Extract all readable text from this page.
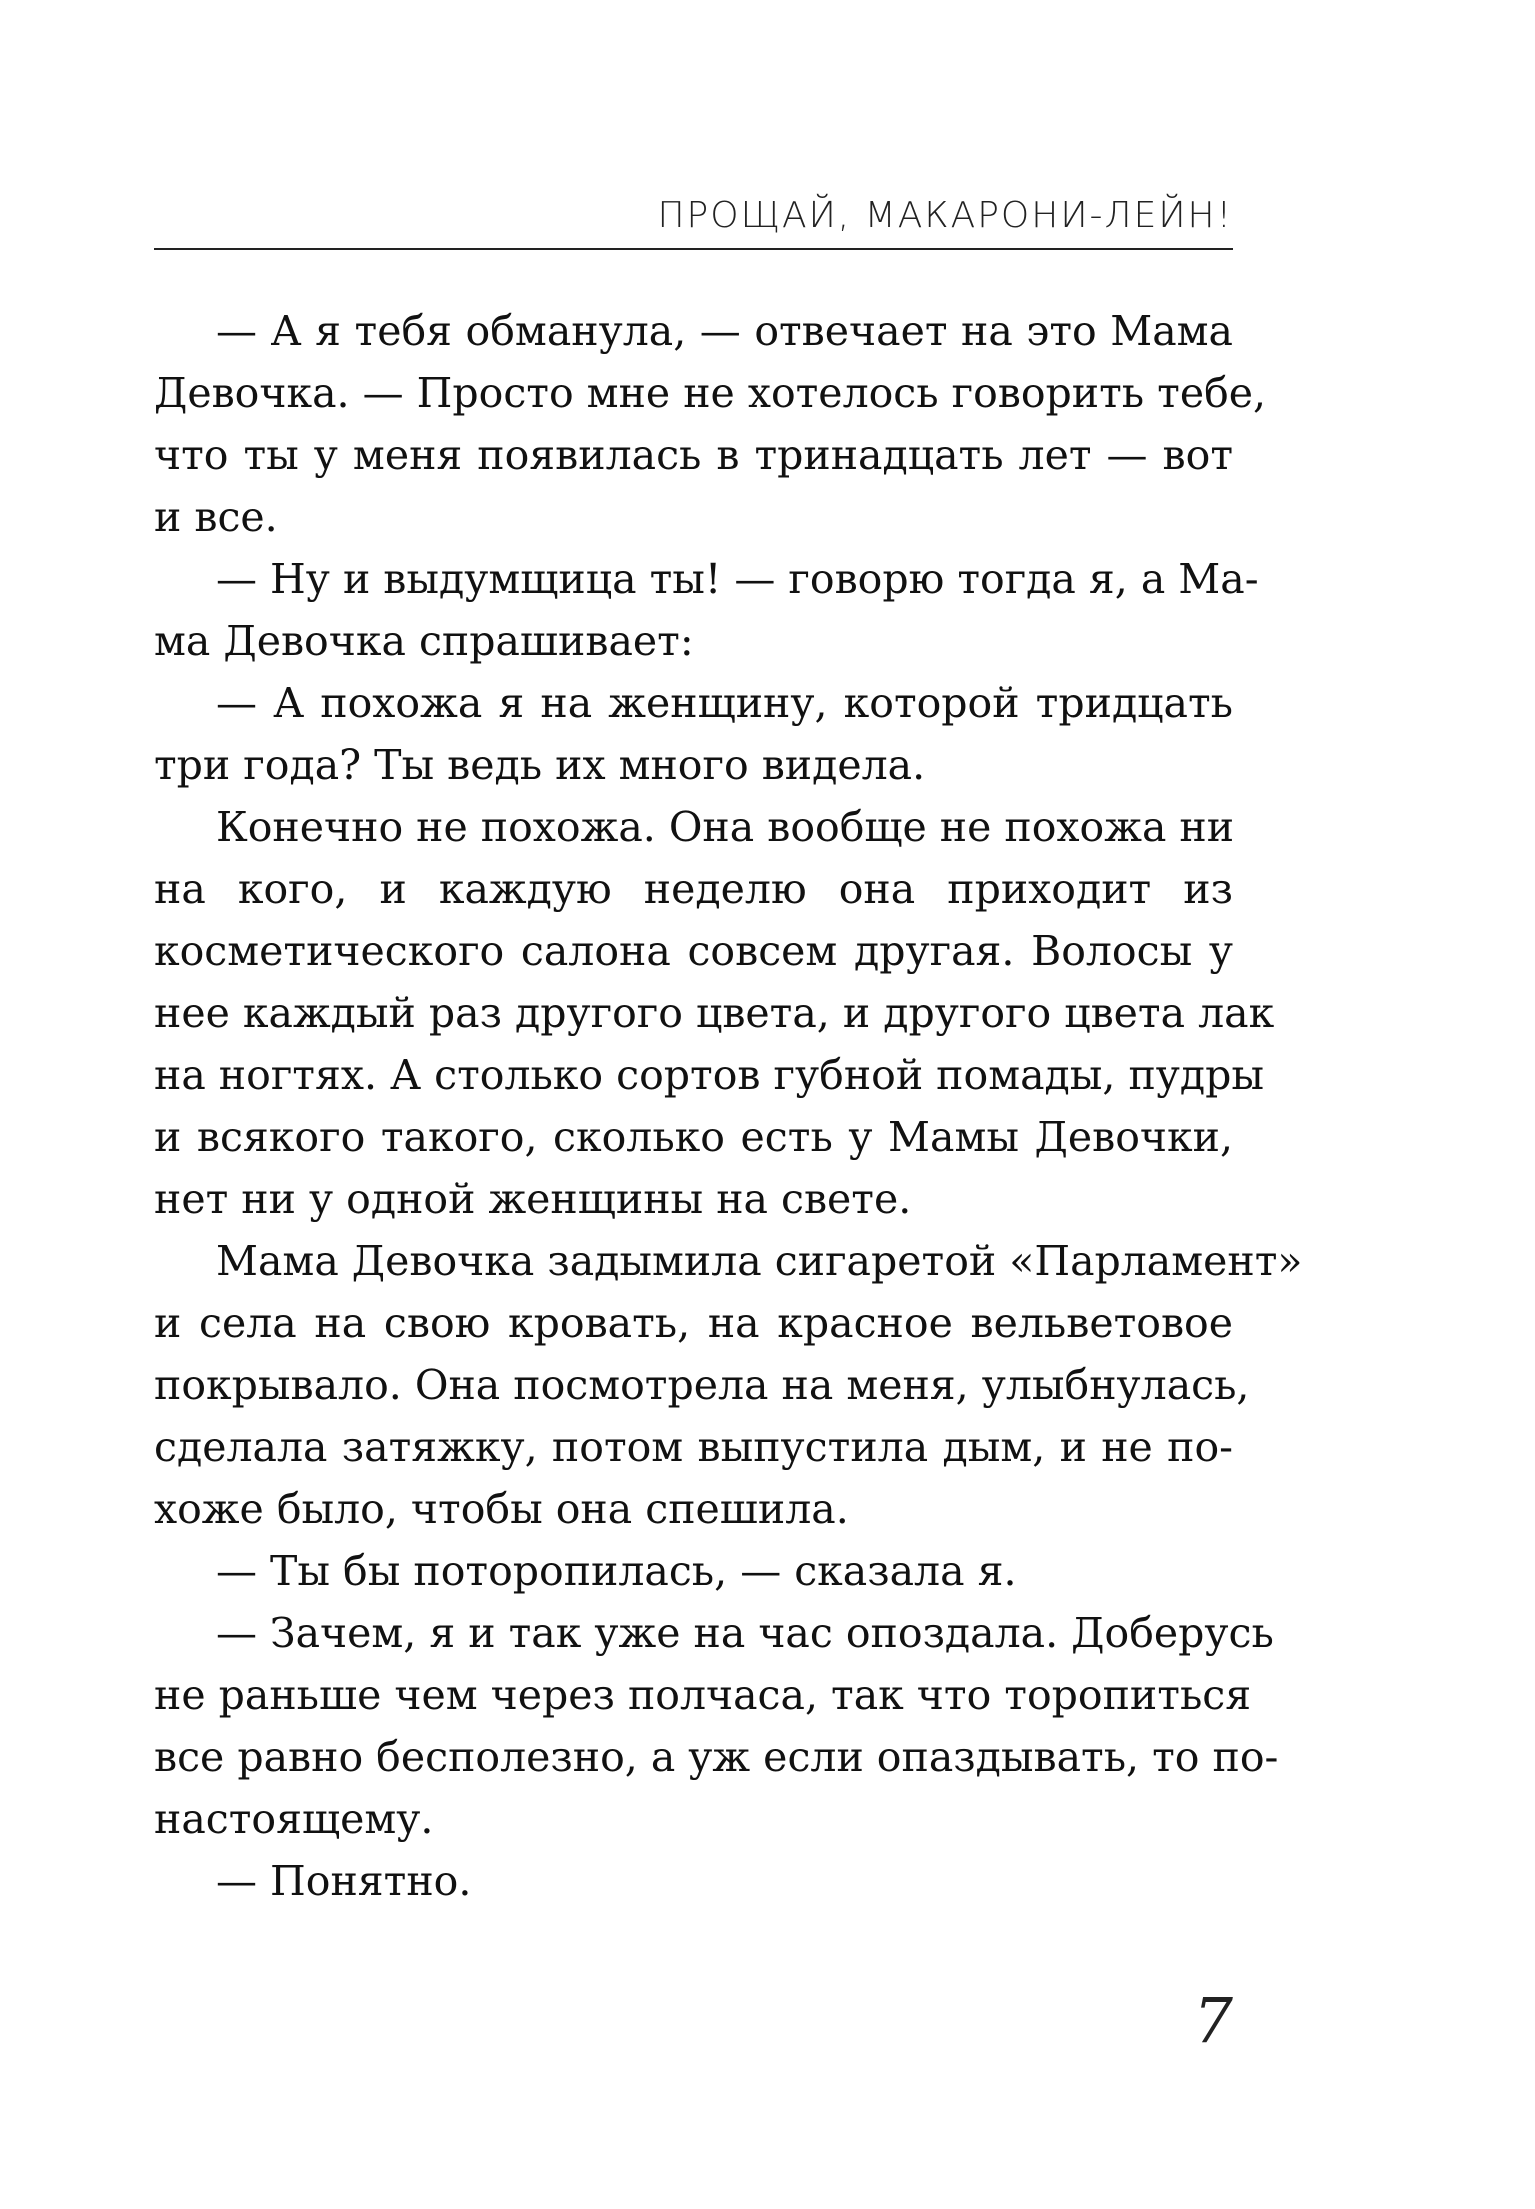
ПРОЩАЙ, МАКАРОНИ-ЛЕЙН!
— А я тебя обманула, — отвечает на это Мама
Девочка. — Просто мне не хотелось говорить тебе,
что ты у меня появилась в тринадцать лет — вот
и все.
— Ну и выдумщица ты! — говорю тогда я, а Ма-
ма Девочка спрашивает:
— А похожа я на женщину, которой тридцать
три года? Ты ведь их много видела.
Конечно не похожа. Она вообще не похожа ни
на кого, и каждую неделю она приходит из
косметического салона совсем другая. Волосы у
нее каждый раз другого цвета, и другого цвета лак
на ногтях. А столько сортов губной помады, пудры
и всякого такого, сколько есть у Мамы Девочки,
нет ни у одной женщины на свете.
Мама Девочка задымила сигаретой «Парламент»
и села на свою кровать, на красное вельветовое
покрывало. Она посмотрела на меня, улыбнулась,
сделала затяжку, потом выпустила дым, и не по-
хоже было, чтобы она спешила.
— Ты бы поторопилась, — сказала я.
— Зачем, я и так уже на час опоздала. Доберусь
не раньше чем через полчаса, так что торопиться
все равно бесполезно, а уж если опаздывать, то по-
настоящему.
— Понятно.
7
